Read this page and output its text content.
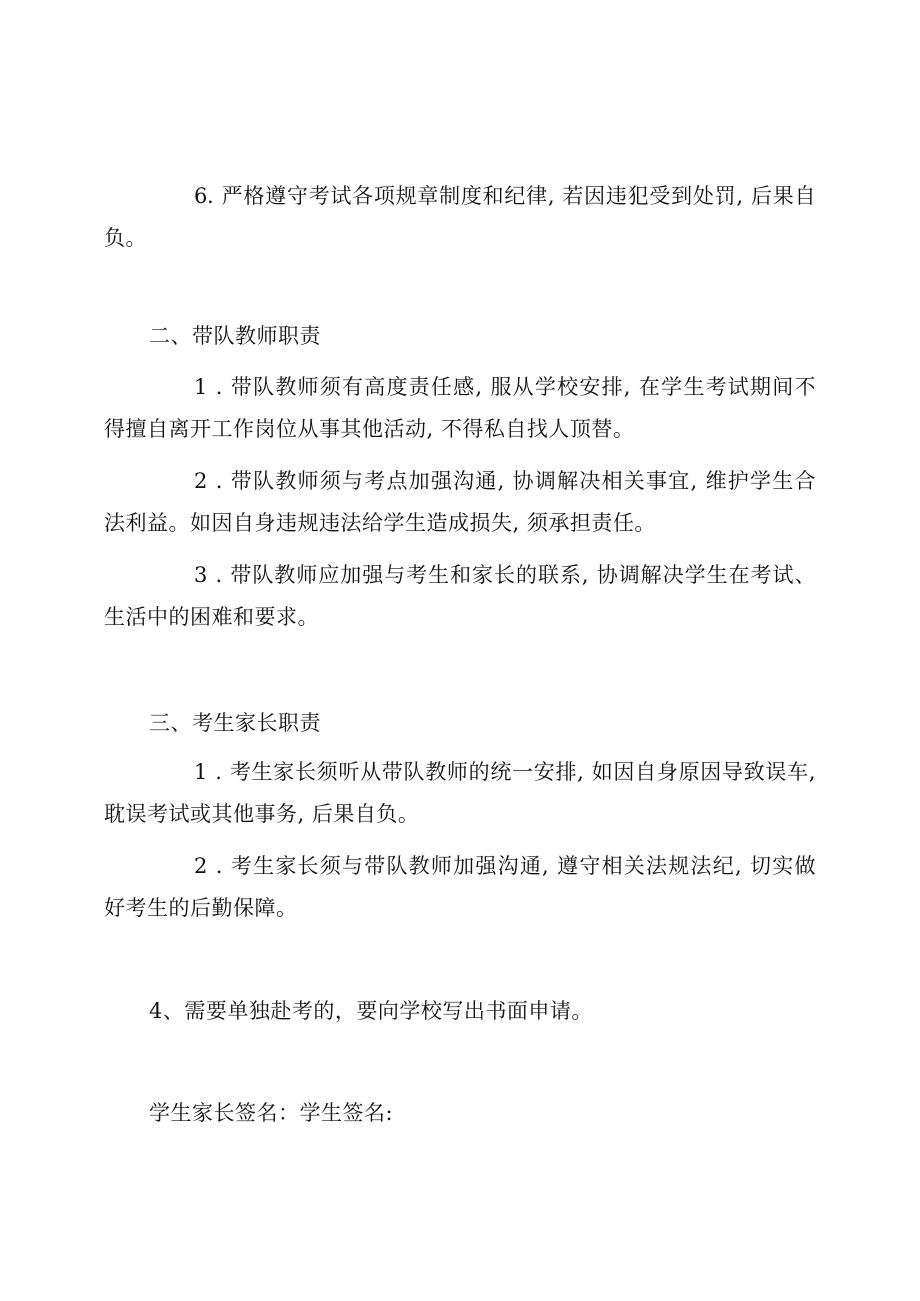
6. 严格遵守考试各项规章制度和纪律, 若因违犯受到处罚, 后果自负。

二、带队教师职责

1 . 带队教师须有高度责任感, 服从学校安排, 在学生考试期间不得擅自离开工作岗位从事其他活动, 不得私自找人顶替。

2 . 带队教师须与考点加强沟通, 协调解决相关事宜, 维护学生合法利益。如因自身违规违法给学生造成损失, 须承担责任。

3 . 带队教师应加强与考生和家长的联系, 协调解决学生在考试、生活中的困难和要求。

三、考生家长职责

1 . 考生家长须听从带队教师的统一安排, 如因自身原因导致误车, 耽误考试或其他事务, 后果自负。

2 . 考生家长须与带队教师加强沟通, 遵守相关法规法纪, 切实做好考生的后勤保障。

4、需要单独赴考的，要向学校写出书面申请。

学生家长签名：学生签名:
